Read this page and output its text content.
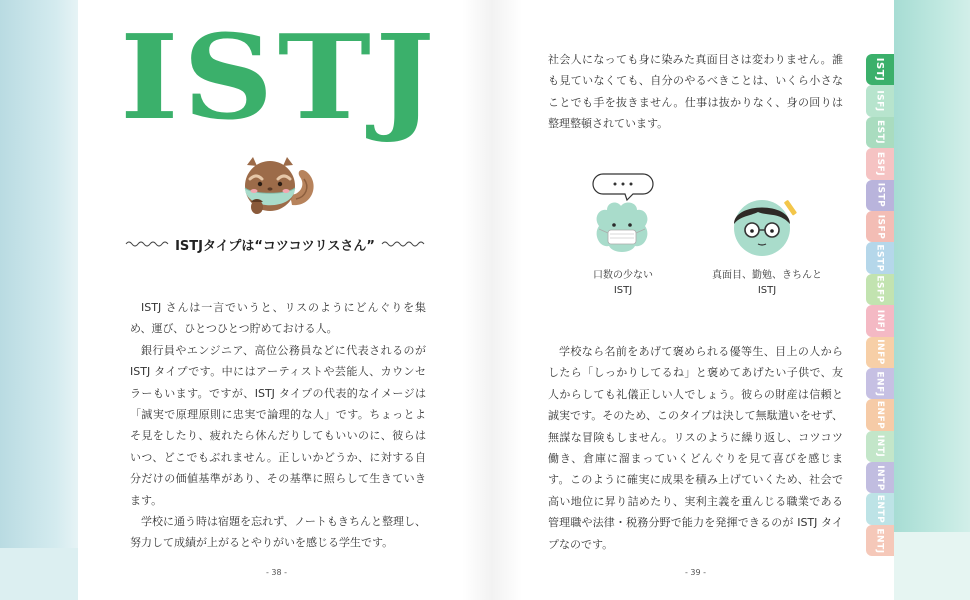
ISTJ
ISTJタイプは“コツコツリスさん”

ISTJ さんは一言でいうと、リスのようにどんぐりを集め、運び、ひとつひとつ貯めておける人。

銀行員やエンジニア、高位公務員などに代表されるのがISTJ タイプです。中にはアーティストや芸能人、カウンセラーもいます。ですが、ISTJ タイプの代表的なイメージは「誠実で原理原則に忠実で論理的な人」です。ちょっとよそ見をしたり、疲れたら休んだりしてもいいのに、彼らはいつ、どこでもぶれません。正しいかどうか、に対する自分だけの価値基準があり、その基準に照らして生きていきます。

学校に通う時は宿題を忘れず、ノートもきちんと整理し、努力して成績が上がるとやりがいを感じる学生です。

社会人になっても身に染みた真面目さは変わりません。誰も見ていなくても、自分のやるべきことは、いくら小さなことでも手を抜きません。仕事は抜かりなく、身の回りは整理整頓されています。

口数の少ない
ISTJ
真面目、勤勉、きちんと
ISTJ

学校なら名前をあげて褒められる優等生、目上の人からしたら「しっかりしてるね」と褒めてあげたい子供で、友人からしても礼儀正しい人でしょう。彼らの財産は信頼と誠実です。そのため、このタイプは決して無駄遣いをせず、無謀な冒険もしません。リスのように繰り返し、コツコツ働き、倉庫に溜まっていくどんぐりを見て喜びを感じます。このように確実に成果を積み上げていくため、社会で高い地位に昇り詰めたり、実利主義を重んじる職業である管理職や法律・税務分野で能力を発揮できるのが ISTJ タイプなのです。

- 38 -	- 39 -
ISTJ
ISFJ
ESTJ
ESFJ
ISTP
ISFP
ESTP
ESFP
INFJ
INFP
ENFJ
ENFP
INTJ
INTP
ENTP
ENTJ
